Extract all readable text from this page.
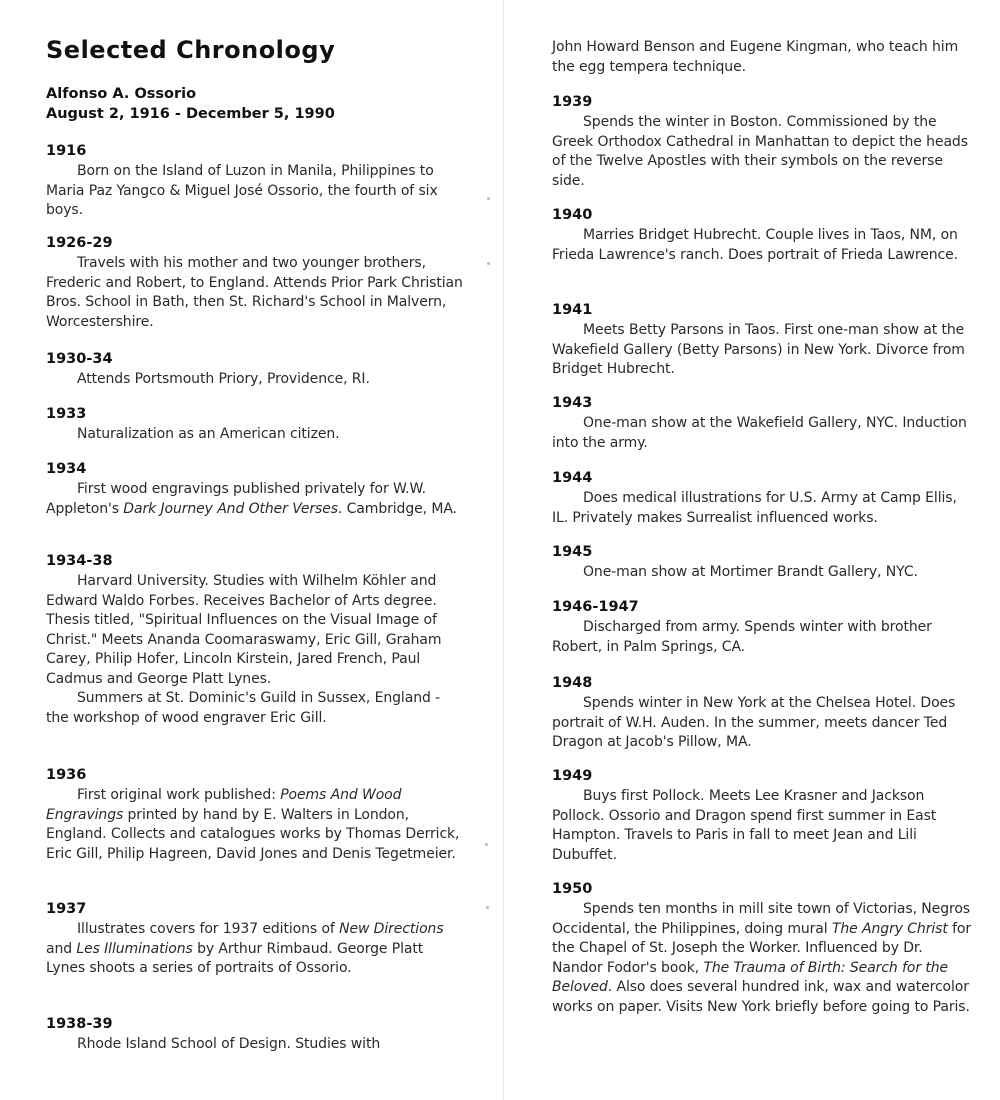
Selected Chronology
Alfonso A. Ossorio
August 2, 1916 - December 5, 1990
1916

Born on the Island of Luzon in Manila, Philippines to Maria Paz Yangco & Miguel José Ossorio, the fourth of six boys.

1926-29

Travels with his mother and two younger brothers, Frederic and Robert, to England. Attends Prior Park Christian Bros. School in Bath, then St. Richard's School in Malvern, Worcestershire.

1930-34

Attends Portsmouth Priory, Providence, RI.

1933

Naturalization as an American citizen.

1934

First wood engravings published privately for W.W. Appleton's Dark Journey And Other Verses. Cambridge, MA.

1934-38

Harvard University. Studies with Wilhelm Köhler and Edward Waldo Forbes. Receives Bachelor of Arts degree. Thesis titled, "Spiritual Influences on the Visual Image of Christ." Meets Ananda Coomaraswamy, Eric Gill, Graham Carey, Philip Hofer, Lincoln Kirstein, Jared French, Paul Cadmus and George Platt Lynes.

Summers at St. Dominic's Guild in Sussex, England - the workshop of wood engraver Eric Gill.

1936

First original work published: Poems And Wood Engravings printed by hand by E. Walters in London, England. Collects and catalogues works by Thomas Derrick, Eric Gill, Philip Hagreen, David Jones and Denis Tegetmeier.

1937

Illustrates covers for 1937 editions of New Directions and Les Illuminations by Arthur Rimbaud. George Platt Lynes shoots a series of portraits of Ossorio.

1938-39

Rhode Island School of Design. Studies with

John Howard Benson and Eugene Kingman, who teach him the egg tempera technique.

1939

Spends the winter in Boston. Commissioned by the Greek Orthodox Cathedral in Manhattan to depict the heads of the Twelve Apostles with their symbols on the reverse side.

1940

Marries Bridget Hubrecht. Couple lives in Taos, NM, on Frieda Lawrence's ranch. Does portrait of Frieda Lawrence.

1941

Meets Betty Parsons in Taos. First one-man show at the Wakefield Gallery (Betty Parsons) in New York. Divorce from Bridget Hubrecht.

1943

One-man show at the Wakefield Gallery, NYC. Induction into the army.

1944

Does medical illustrations for U.S. Army at Camp Ellis, IL. Privately makes Surrealist influenced works.

1945

One-man show at Mortimer Brandt Gallery, NYC.

1946-1947

Discharged from army. Spends winter with brother Robert, in Palm Springs, CA.

1948

Spends winter in New York at the Chelsea Hotel. Does portrait of W.H. Auden. In the summer, meets dancer Ted Dragon at Jacob's Pillow, MA.

1949

Buys first Pollock. Meets Lee Krasner and Jackson Pollock. Ossorio and Dragon spend first summer in East Hampton. Travels to Paris in fall to meet Jean and Lili Dubuffet.

1950

Spends ten months in mill site town of Victorias, Negros Occidental, the Philippines, doing mural The Angry Christ for the Chapel of St. Joseph the Worker. Influenced by Dr. Nandor Fodor's book, The Trauma of Birth: Search for the Beloved. Also does several hundred ink, wax and watercolor works on paper. Visits New York briefly before going to Paris.
